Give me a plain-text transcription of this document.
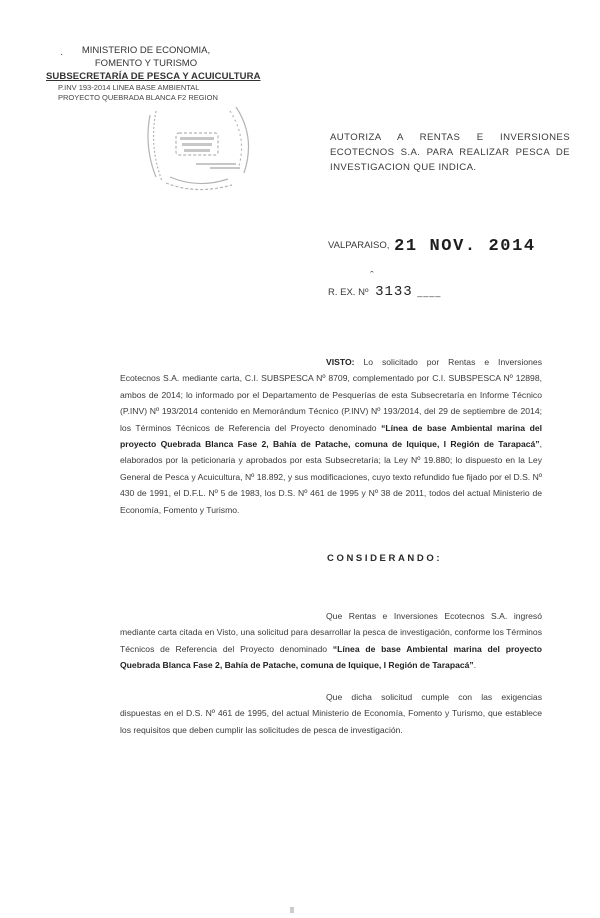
·	MINISTERIO DE ECONOMIA,
FOMENTO Y TURISMO
SUBSECRETARÍA DE PESCA Y ACUICULTURA
P.INV 193-2014 LINEA BASE AMBIENTAL
PROYECTO QUEBRADA BLANCA F2 REGION
AUTORIZA A RENTAS E INVERSIONES ECOTECNOS S.A. PARA REALIZAR PESCA DE INVESTIGACION QUE INDICA.
VALPARAISO, 21 NOV. 2014
ˆ
R. EX. Nº 3133 ____
VISTO: Lo solicitado por Rentas e Inversiones Ecotecnos S.A. mediante carta, C.I. SUBSPESCA Nº 8709, complementado por C.I. SUBSPESCA Nº 12898, ambos de 2014; lo informado por el Departamento de Pesquerías de esta Subsecretaría en Informe Técnico (P.INV) Nº 193/2014 contenido en Memorándum Técnico (P.INV) Nº 193/2014, del 29 de septiembre de 2014; los Términos Técnicos de Referencia del Proyecto denominado “Línea de base Ambiental marina del proyecto Quebrada Blanca Fase 2, Bahía de Patache, comuna de Iquique, I Región de Tarapacá”, elaborados por la peticionaria y aprobados por esta Subsecretaría; la Ley Nº 19.880; lo dispuesto en la Ley General de Pesca y Acuicultura, Nº 18.892, y sus modificaciones, cuyo texto refundido fue fijado por el D.S. Nº 430 de 1991, el D.F.L. Nº 5 de 1983, los D.S. Nº 461 de 1995 y Nº 38 de 2011, todos del actual Ministerio de Economía, Fomento y Turismo.
CONSIDERANDO:
Que Rentas e Inversiones Ecotecnos S.A. ingresó mediante carta citada en Visto, una solicitud para desarrollar la pesca de investigación, conforme los Términos Técnicos de Referencia del Proyecto denominado “Línea de base Ambiental marina del proyecto Quebrada Blanca Fase 2, Bahía de Patache, comuna de Iquique, I Región de Tarapacá”.
Que dicha solicitud cumple con las exigencias dispuestas en el D.S. Nº 461 de 1995, del actual Ministerio de Economía, Fomento y Turismo, que establece los requisitos que deben cumplir las solicitudes de pesca de investigación.
ÏÏ
